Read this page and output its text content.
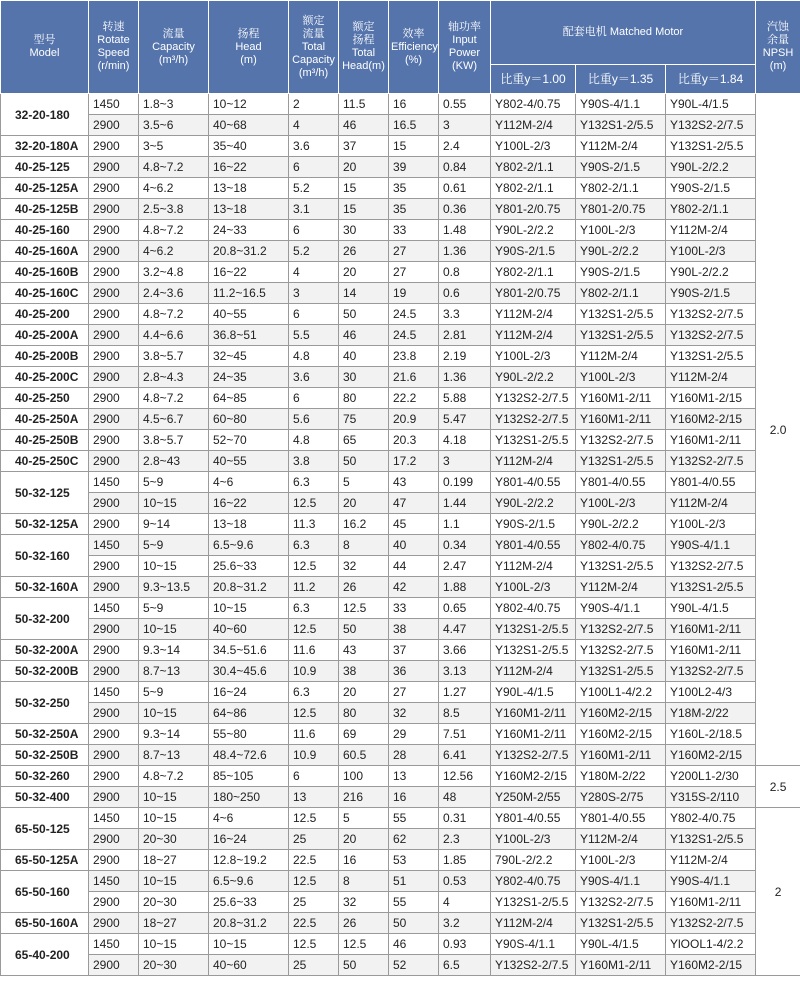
型号
Model	转速
Rotate
Speed
(r/min)	流量
Capacity
(m³/h)	扬程
Head
(m)	额定
流量
Total
Capacity
(m³/h)	额定
扬程
Total
Head(m)	效率
Efficiency
(%)	轴功率
Input
Power
(KW)	配套电机 Matched Motor			汽蚀
余量
NPSH
(m)
								比重y＝1.00	比重y＝1.35	比重y＝1.84	
32-20-180	1450	1.8~3	10~12	2	11.5	16	0.55	Y802-4/0.75	Y90S-4/1.1	Y90L-4/1.5	2.0
	2900	3.5~6	40~68	4	46	16.5	3	Y112M-2/4	Y132S1-2/5.5	Y132S2-2/7.5	
32-20-180A	2900	3~5	35~40	3.6	37	15	2.4	Y100L-2/3	Y112M-2/4	Y132S1-2/5.5	
40-25-125	2900	4.8~7.2	16~22	6	20	39	0.84	Y802-2/1.1	Y90S-2/1.5	Y90L-2/2.2	
40-25-125A	2900	4~6.2	13~18	5.2	15	35	0.61	Y802-2/1.1	Y802-2/1.1	Y90S-2/1.5	
40-25-125B	2900	2.5~3.8	13~18	3.1	15	35	0.36	Y801-2/0.75	Y801-2/0.75	Y802-2/1.1	
40-25-160	2900	4.8~7.2	24~33	6	30	33	1.48	Y90L-2/2.2	Y100L-2/3	Y112M-2/4	
40-25-160A	2900	4~6.2	20.8~31.2	5.2	26	27	1.36	Y90S-2/1.5	Y90L-2/2.2	Y100L-2/3	
40-25-160B	2900	3.2~4.8	16~22	4	20	27	0.8	Y802-2/1.1	Y90S-2/1.5	Y90L-2/2.2	
40-25-160C	2900	2.4~3.6	11.2~16.5	3	14	19	0.6	Y801-2/0.75	Y802-2/1.1	Y90S-2/1.5	
40-25-200	2900	4.8~7.2	40~55	6	50	24.5	3.3	Y112M-2/4	Y132S1-2/5.5	Y132S2-2/7.5	
40-25-200A	2900	4.4~6.6	36.8~51	5.5	46	24.5	2.81	Y112M-2/4	Y132S1-2/5.5	Y132S2-2/7.5	
40-25-200B	2900	3.8~5.7	32~45	4.8	40	23.8	2.19	Y100L-2/3	Y112M-2/4	Y132S1-2/5.5	
40-25-200C	2900	2.8~4.3	24~35	3.6	30	21.6	1.36	Y90L-2/2.2	Y100L-2/3	Y112M-2/4	
40-25-250	2900	4.8~7.2	64~85	6	80	22.2	5.88	Y132S2-2/7.5	Y160M1-2/11	Y160M1-2/15	
40-25-250A	2900	4.5~6.7	60~80	5.6	75	20.9	5.47	Y132S2-2/7.5	Y160M1-2/11	Y160M2-2/15	
40-25-250B	2900	3.8~5.7	52~70	4.8	65	20.3	4.18	Y132S1-2/5.5	Y132S2-2/7.5	Y160M1-2/11	
40-25-250C	2900	2.8~43	40~55	3.8	50	17.2	3	Y112M-2/4	Y132S1-2/5.5	Y132S2-2/7.5	
50-32-125	1450	5~9	4~6	6.3	5	43	0.199	Y801-4/0.55	Y801-4/0.55	Y801-4/0.55	
	2900	10~15	16~22	12.5	20	47	1.44	Y90L-2/2.2	Y100L-2/3	Y112M-2/4	
50-32-125A	2900	9~14	13~18	11.3	16.2	45	1.1	Y90S-2/1.5	Y90L-2/2.2	Y100L-2/3	
50-32-160	1450	5~9	6.5~9.6	6.3	8	40	0.34	Y801-4/0.55	Y802-4/0.75	Y90S-4/1.1	
	2900	10~15	25.6~33	12.5	32	44	2.47	Y112M-2/4	Y132S1-2/5.5	Y132S2-2/7.5	
50-32-160A	2900	9.3~13.5	20.8~31.2	11.2	26	42	1.88	Y100L-2/3	Y112M-2/4	Y132S1-2/5.5	
50-32-200	1450	5~9	10~15	6.3	12.5	33	0.65	Y802-4/0.75	Y90S-4/1.1	Y90L-4/1.5	
	2900	10~15	40~60	12.5	50	38	4.47	Y132S1-2/5.5	Y132S2-2/7.5	Y160M1-2/11	
50-32-200A	2900	9.3~14	34.5~51.6	11.6	43	37	3.66	Y132S1-2/5.5	Y132S2-2/7.5	Y160M1-2/11	
50-32-200B	2900	8.7~13	30.4~45.6	10.9	38	36	3.13	Y112M-2/4	Y132S1-2/5.5	Y132S2-2/7.5	
50-32-250	1450	5~9	16~24	6.3	20	27	1.27	Y90L-4/1.5	Y100L1-4/2.2	Y100L2-4/3	
	2900	10~15	64~86	12.5	80	32	8.5	Y160M1-2/11	Y160M2-2/15	Y18M-2/22	
50-32-250A	2900	9.3~14	55~80	11.6	69	29	7.51	Y160M1-2/11	Y160M2-2/15	Y160L-2/18.5	
50-32-250B	2900	8.7~13	48.4~72.6	10.9	60.5	28	6.41	Y132S2-2/7.5	Y160M1-2/11	Y160M2-2/15	
50-32-260	2900	4.8~7.2	85~105	6	100	13	12.56	Y160M2-2/15	Y180M-2/22	Y200L1-2/30	2.5
50-32-400	2900	10~15	180~250	13	216	16	48	Y250M-2/55	Y280S-2/75	Y315S-2/110	
65-50-125	1450	10~15	4~6	12.5	5	55	0.31	Y801-4/0.55	Y801-4/0.55	Y802-4/0.75	2
	2900	20~30	16~24	25	20	62	2.3	Y100L-2/3	Y112M-2/4	Y132S1-2/5.5	
65-50-125A	2900	18~27	12.8~19.2	22.5	16	53	1.85	790L-2/2.2	Y100L-2/3	Y112M-2/4	
65-50-160	1450	10~15	6.5~9.6	12.5	8	51	0.53	Y802-4/0.75	Y90S-4/1.1	Y90S-4/1.1	
	2900	20~30	25.6~33	25	32	55	4	Y132S1-2/5.5	Y132S2-2/7.5	Y160M1-2/11	
65-50-160A	2900	18~27	20.8~31.2	22.5	26	50	3.2	Y112M-2/4	Y132S1-2/5.5	Y132S2-2/7.5	
65-40-200	1450	10~15	10~15	12.5	12.5	46	0.93	Y90S-4/1.1	Y90L-4/1.5	YlOOL1-4/2.2	
	2900	20~30	40~60	25	50	52	6.5	Y132S2-2/7.5	Y160M1-2/11	Y160M2-2/15	
